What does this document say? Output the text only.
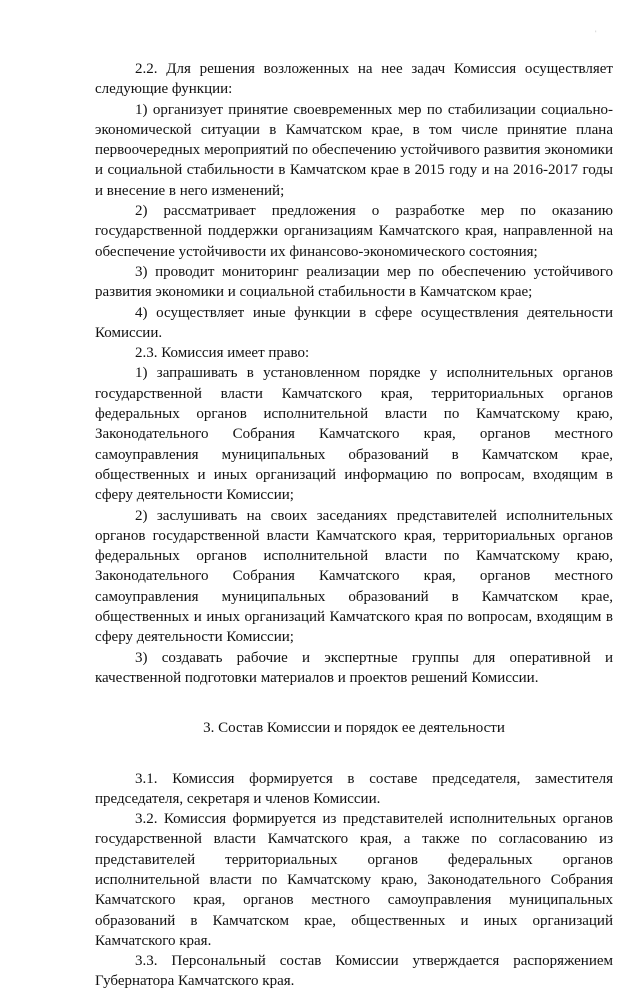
'

2.2. Для решения возложенных на нее задач Комиссия осуществляет следующие функции:

1) организует принятие своевременных мер по стабилизации социально-экономической ситуации в Камчатском крае, в том числе принятие плана первоочередных мероприятий по обеспечению устойчивого развития экономики и социальной стабильности в Камчатском крае в 2015 году и на 2016-2017 годы и внесение в него изменений;

2) рассматривает предложения о разработке мер по оказанию государственной поддержки организациям Камчатского края, направленной на обеспечение устойчивости их финансово-экономического состояния;

3) проводит мониторинг реализации мер по обеспечению устойчивого развития экономики и социальной стабильности в Камчатском крае;

4) осуществляет иные функции в сфере осуществления деятельности Комиссии.

2.3. Комиссия имеет право:

1) запрашивать в установленном порядке у исполнительных органов государственной власти Камчатского края, территориальных органов федеральных органов исполнительной власти по Камчатскому краю, Законодательного Собрания Камчатского края, органов местного самоуправления муниципальных образований в Камчатском крае, общественных и иных организаций информацию по вопросам, входящим в сферу деятельности Комиссии;

2) заслушивать на своих заседаниях представителей исполнительных органов государственной власти Камчатского края, территориальных органов федеральных органов исполнительной власти по Камчатскому краю, Законодательного Собрания Камчатского края, органов местного самоуправления муниципальных образований в Камчатском крае, общественных и иных организаций Камчатского края по вопросам, входящим в сферу деятельности Комиссии;

3) создавать рабочие и экспертные группы для оперативной и качественной подготовки материалов и проектов решений Комиссии.

3. Состав Комиссии и порядок ее деятельности

3.1. Комиссия формируется в составе председателя, заместителя председателя, секретаря и членов Комиссии.

3.2. Комиссия формируется из представителей исполнительных органов государственной власти Камчатского края, а также по согласованию из представителей территориальных органов федеральных органов исполнительной власти по Камчатскому краю, Законодательного Собрания Камчатского края, органов местного самоуправления муниципальных образований в Камчатском крае, общественных и иных организаций Камчатского края.

3.3. Персональный состав Комиссии утверждается распоряжением Губернатора Камчатского края.
